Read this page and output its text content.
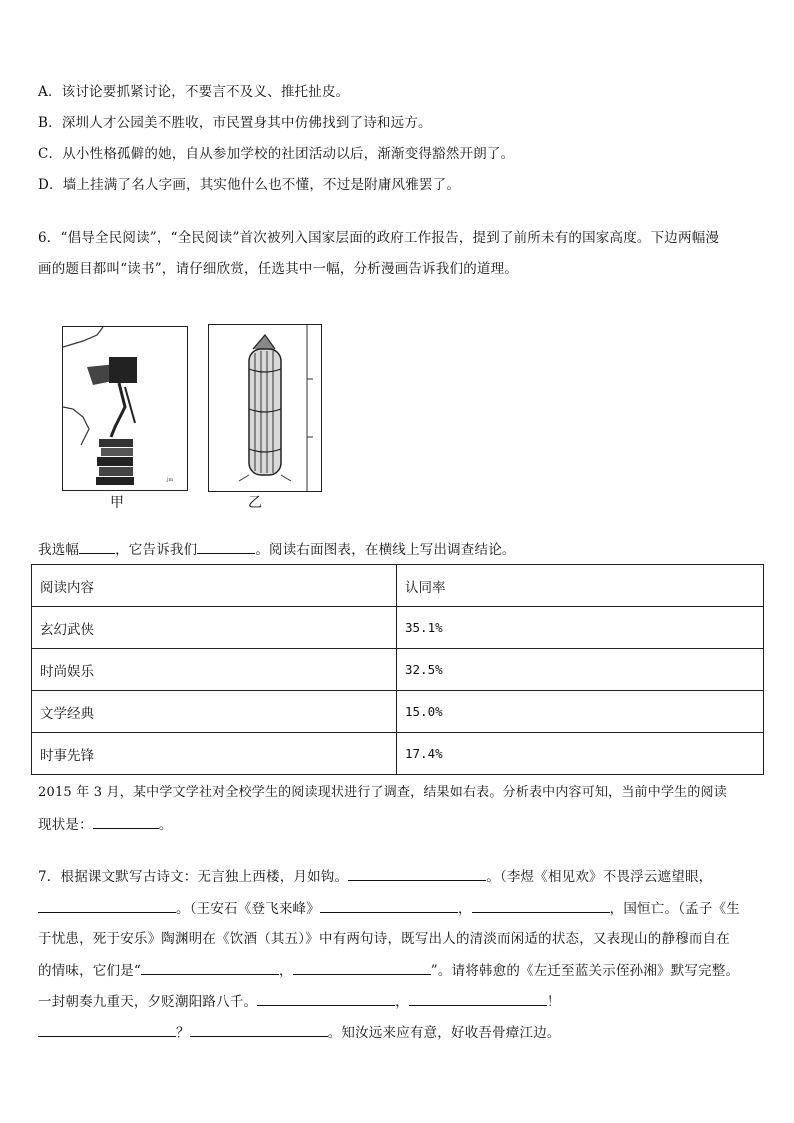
A．该讨论要抓紧讨论，不要言不及义、推托扯皮。
B．深圳人才公园美不胜收，市民置身其中仿佛找到了诗和远方。
C．从小性格孤僻的她，自从参加学校的社团活动以后，渐渐变得豁然开朗了。
D．墙上挂满了名人字画，其实他什么也不懂，不过是附庸风雅罢了。
6．“倡导全民阅读”，“全民阅读”首次被列入国家层面的政府工作报告，提到了前所未有的国家高度。下边两幅漫
画的题目都叫“读书”，请仔细欣赏，任选其中一幅，分析漫画告诉我们的道理。
jm
甲	乙
我选幅	，它告诉我们	。阅读右面图表，在横线上写出调查结论。
阅读内容	认同率
玄幻武侠	35.1%
时尚娱乐	32.5%
文学经典	15.0%
时事先锋	17.4%
2015 年 3 月，某中学文学社对全校学生的阅读现状进行了调查，结果如右表。分析表中内容可知，当前中学生的阅读
现状是：	。
7．根据课文默写古诗文：无言独上西楼，月如钩。	。（李煜《相见欢》不畏浮云遮望眼，
。（王安石《登飞来峰》	，	，国恒亡。（孟子《生
于忧患，死于安乐》陶渊明在《饮酒（其五）》中有两句诗，既写出人的清淡而闲适的状态，又表现山的静穆而自在
的情味，它们是“	，	”。请将韩愈的《左迁至蓝关示侄孙湘》默写完整。
一封朝奏九重天，夕贬潮阳路八千。	，	！
？	。知汝远来应有意，好收吾骨瘴江边。
